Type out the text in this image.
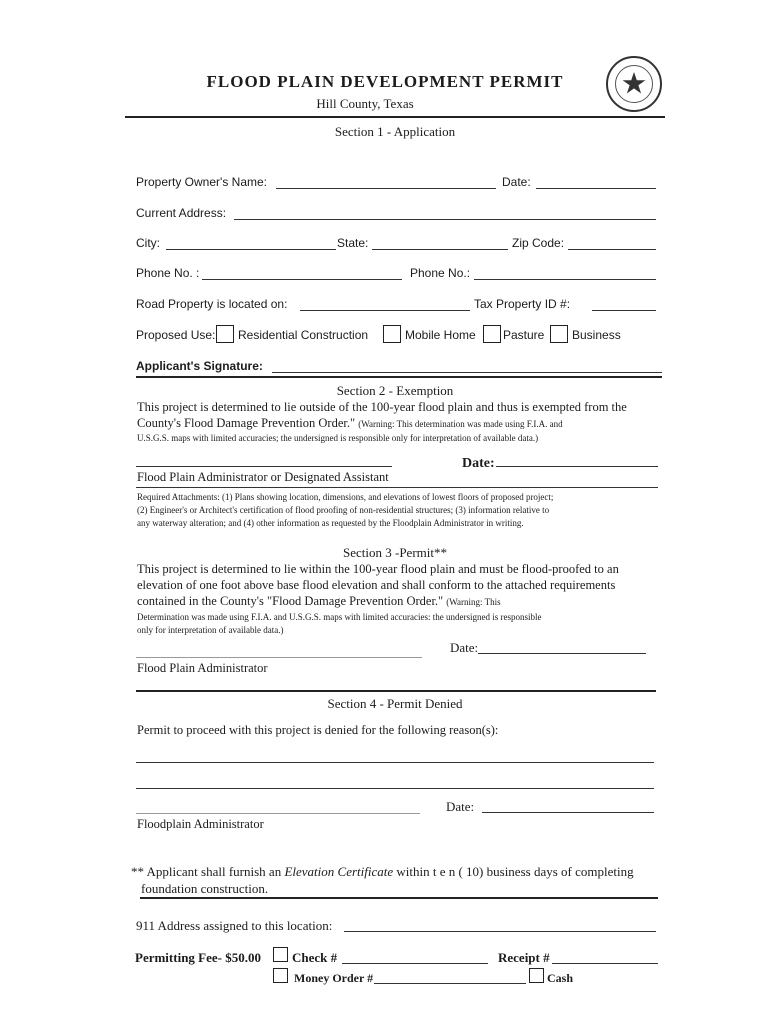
FLOOD PLAIN DEVELOPMENT PERMIT
Hill County, Texas
Section 1 - Application
Property Owner's Name:	Date:
Current Address:
City:	State:	Zip Code:
Phone No. :	Phone No.:
Road Property is located on:	Tax Property ID #:
Proposed Use: Residential Construction	Mobile Home Pasture Business
Applicant's Signature:
Section 2 - Exemption
This project is determined to lie outside of the 100-year flood plain and thus is exempted from the
County's Flood Damage Prevention Order." (Warning: This determination was made using F.I.A. and
U.S.G.S. maps with limited accuracies; the undersigned is responsible only for interpretation of available data.)
Date:
Flood Plain Administrator or Designated Assistant
Required Attachments: (1) Plans showing location, dimensions, and elevations of lowest floors of proposed project;
(2) Engineer's or Architect's certification of flood proofing of non-residential structures; (3) information relative to
any waterway alteration; and (4) other information as requested by the Floodplain Administrator in writing.
Section 3 -Permit**
This project is determined to lie within the 100-year flood plain and must be flood-proofed to an
elevation of one foot above base flood elevation and shall conform to the attached requirements
contained in the County's "Flood Damage Prevention Order." (Warning: This
Determination was made using F.I.A. and U.S.G.S. maps with limited accuracies: the undersigned is responsible
only for interpretation of available data.)
Date:
Flood Plain Administrator
Section 4 - Permit Denied
Permit to proceed with this project is denied for the following reason(s):
Date:
Floodplain Administrator
** Applicant shall furnish an Elevation Certificate within t e n ( 10) business days of completing
foundation construction.
911 Address assigned to this location:
Permitting Fee- $50.00 Check #	Receipt #
Money Order #	Cash
